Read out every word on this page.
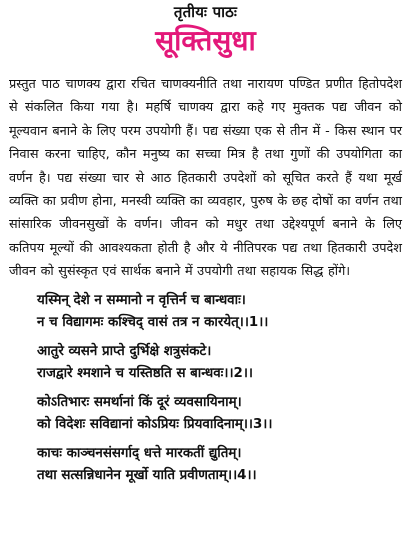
तृतीयः पाठः
सूक्तिसुधा

प्रस्तुत पाठ चाणक्य द्वारा रचित चाणक्यनीति तथा नारायण पण्डित प्रणीत हितोपदेश से संकलित किया गया है। महर्षि चाणक्य द्वारा कहे गए मुक्तक पद्य जीवन को मूल्यवान बनाने के लिए परम उपयोगी हैं। पद्य संख्या एक से तीन में - किस स्थान पर निवास करना चाहिए, कौन मनुष्य का सच्चा मित्र है तथा गुणों की उपयोगिता का वर्णन है। पद्य संख्या चार से आठ हितकारी उपदेशों को सूचित करते हैं यथा मूर्ख व्यक्ति का प्रवीण होना, मनस्वी व्यक्ति का व्यवहार, पुरुष के छह दोषों का वर्णन तथा सांसारिक जीवनसुखों के वर्णन। जीवन को मधुर तथा उद्देश्यपूर्ण बनाने के लिए कतिपय मूल्यों की आवश्यकता होती है और ये नीतिपरक पद्य तथा हितकारी उपदेश जीवन को सुसंस्कृत एवं सार्थक बनाने में उपयोगी तथा सहायक सिद्ध होंगे।

यस्मिन् देशे न सम्मानो न वृत्तिर्न च बान्धवाः।
न च विद्यागमः कश्चिद् वासं तत्र न कारयेत्।।1।।
आतुरे व्यसने प्राप्ते दुर्भिक्षे शत्रुसंकटे।
राजद्वारे श्मशाने च यस्तिष्ठति स बान्धवः।।2।।
कोऽतिभारः समर्थानां किं दूरं व्यवसायिनाम्।
को विदेशः सविद्यानां कोऽप्रियः प्रियवादिनाम्।।3।।
काचः काञ्चनसंसर्गाद् धत्ते मारकतीं द्युतिम्।
तथा सत्सन्निधानेन मूर्खो याति प्रवीणताम्।।4।।
